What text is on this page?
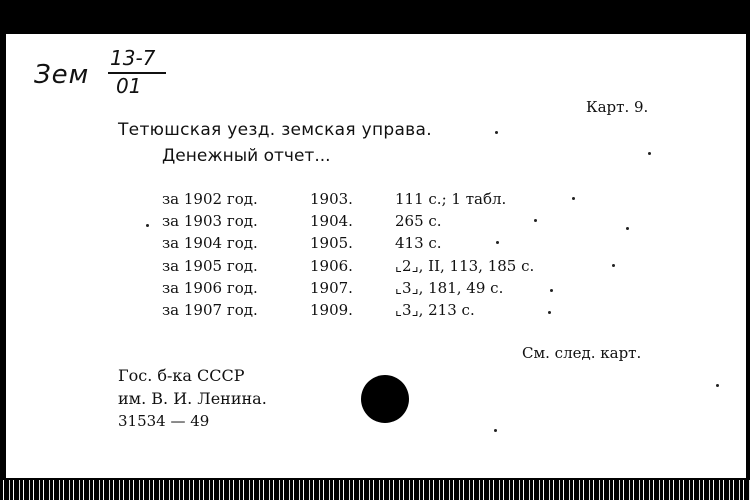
Зем
13-7
01
Карт. 9.
Тетюшская уезд. земская управа.
Денежный отчет...
за 1902 год.	1903.	111 с.; 1 табл.
за 1903 год.	1904.	265 с.
за 1904 год.	1905.	413 с.
за 1905 год.	1906.	⌞2⌟, II, 113, 185 с.
за 1906 год.	1907.	⌞3⌟, 181, 49 с.
за 1907 год.	1909.	⌞3⌟, 213 с.
См. след. карт.
Гос. б-ка СССР
им. В. И. Ленина.
31534 — 49
